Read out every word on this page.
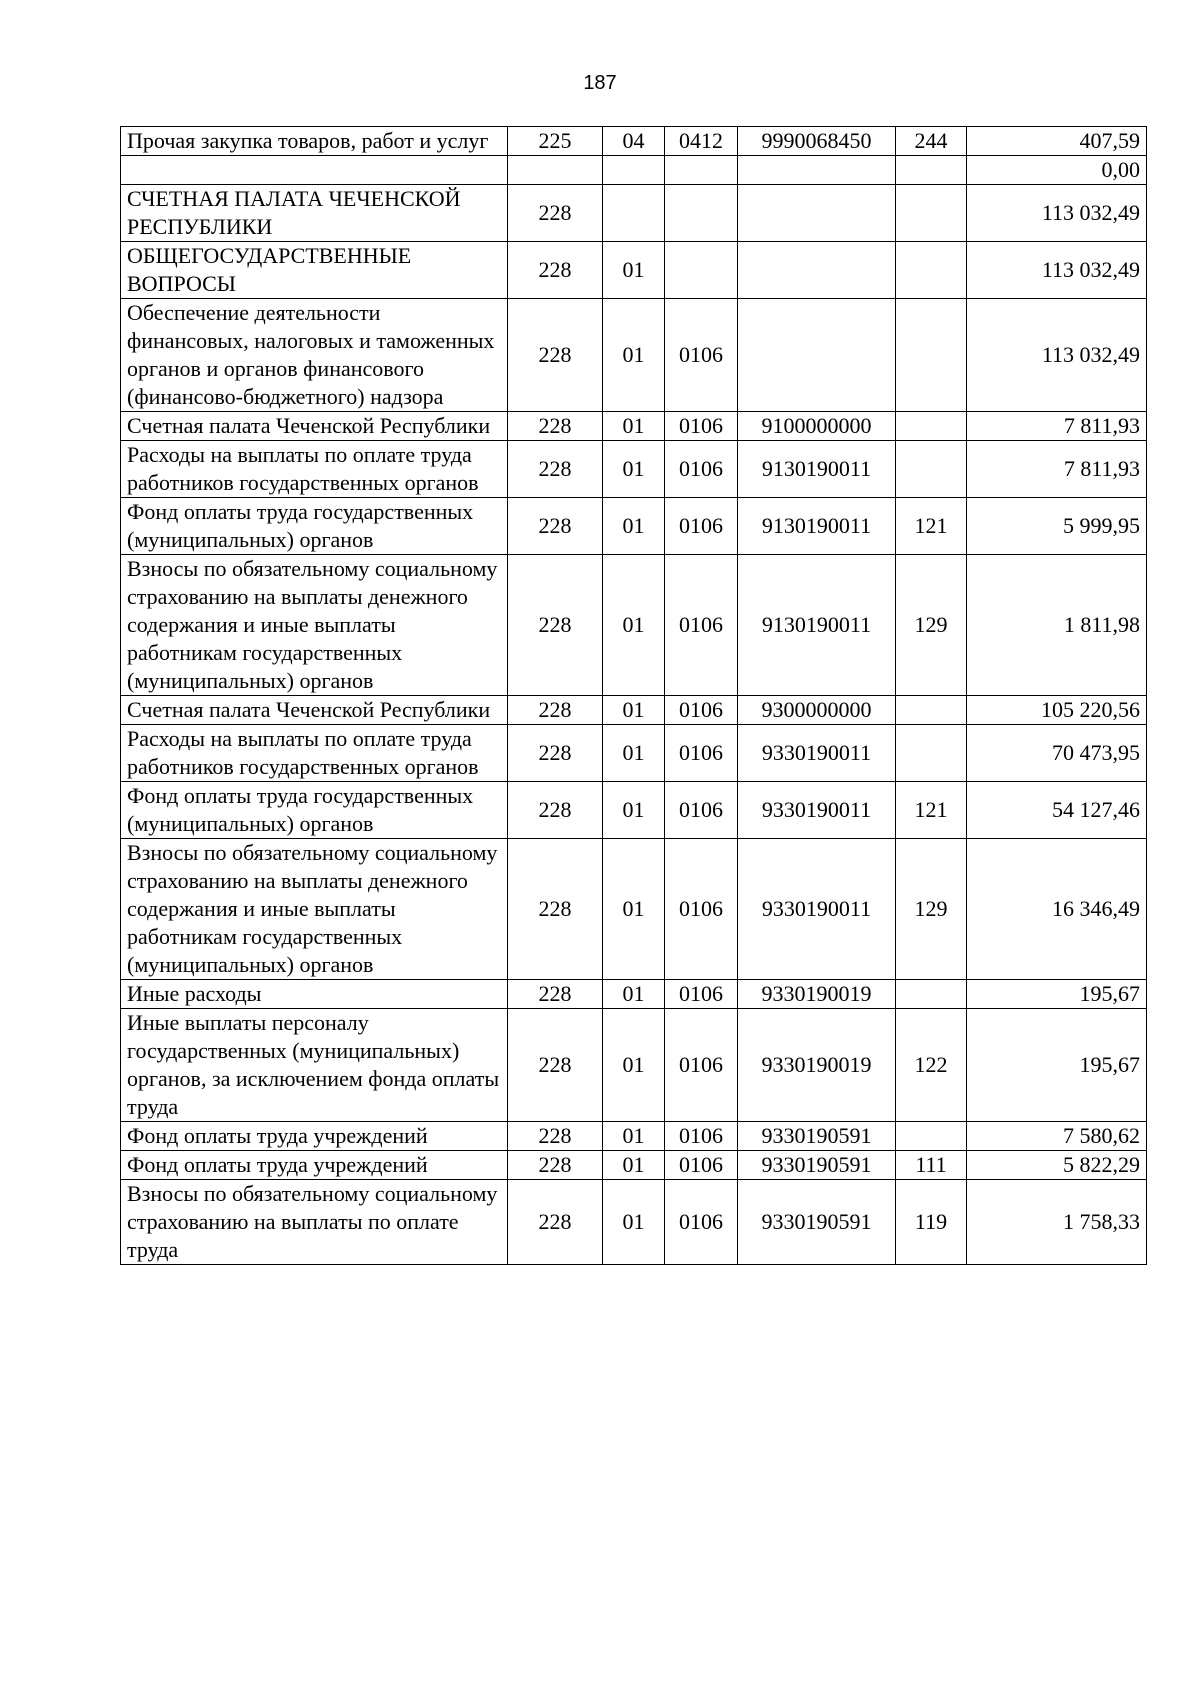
187
Прочая закупка товаров, работ и услуг	225	04	0412	9990068450	244	407,59
						0,00
СЧЕТНАЯ ПАЛАТА ЧЕЧЕНСКОЙ РЕСПУБЛИКИ	228					113 032,49
ОБЩЕГОСУДАРСТВЕННЫЕ ВОПРОСЫ	228	01				113 032,49
Обеспечение деятельности финансовых, налоговых и таможенных органов и органов финансового (финансово-бюджетного) надзора	228	01	0106			113 032,49
Счетная палата Чеченской Республики	228	01	0106	9100000000		7 811,93
Расходы на выплаты по оплате труда работников государственных органов	228	01	0106	9130190011		7 811,93
Фонд оплаты труда государственных (муниципальных) органов	228	01	0106	9130190011	121	5 999,95
Взносы по обязательному социальному страхованию на выплаты денежного содержания и иные выплаты работникам государственных (муниципальных) органов	228	01	0106	9130190011	129	1 811,98
Счетная палата Чеченской Республики	228	01	0106	9300000000		105 220,56
Расходы на выплаты по оплате труда работников государственных органов	228	01	0106	9330190011		70 473,95
Фонд оплаты труда государственных (муниципальных) органов	228	01	0106	9330190011	121	54 127,46
Взносы по обязательному социальному страхованию на выплаты денежного содержания и иные выплаты работникам государственных (муниципальных) органов	228	01	0106	9330190011	129	16 346,49
Иные расходы	228	01	0106	9330190019		195,67
Иные выплаты персоналу государственных (муниципальных) органов, за исключением фонда оплаты труда	228	01	0106	9330190019	122	195,67
Фонд оплаты труда учреждений	228	01	0106	9330190591		7 580,62
Фонд оплаты труда учреждений	228	01	0106	9330190591	111	5 822,29
Взносы по обязательному социальному страхованию на выплаты по оплате труда	228	01	0106	9330190591	119	1 758,33
